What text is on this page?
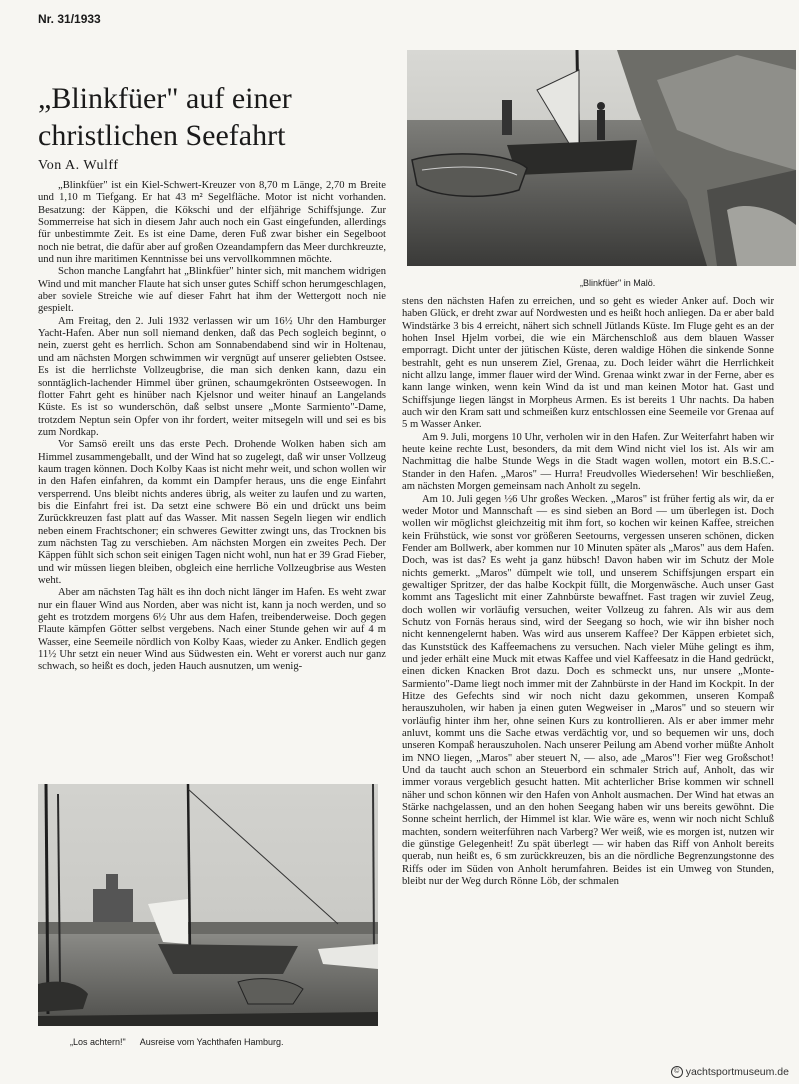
Nr. 31/1933
„Blinkfüer" auf einer christlichen Seefahrt
Von A. Wulff

„Blinkfüer" ist ein Kiel-Schwert-Kreuzer von 8,70 m Länge, 2,70 m Breite und 1,10 m Tiefgang. Er hat 43 m² Segelfläche. Motor ist nicht vorhanden. Besatzung: der Käppen, die Kökschi und der elfjährige Schiffsjunge. Zur Sommerreise hat sich in diesem Jahr auch noch ein Gast eingefunden, allerdings für unbestimmte Zeit. Es ist eine Dame, deren Fuß zwar bisher ein Segelboot noch nie betrat, die dafür aber auf großen Ozeandampfern das Meer durchkreuzte, und nun ihre maritimen Kenntnisse bei uns vervollkommnen möchte.

Schon manche Langfahrt hat „Blinkfüer" hinter sich, mit manchem widrigen Wind und mit mancher Flaute hat sich unser gutes Schiff schon herumgeschlagen, aber soviele Streiche wie auf dieser Fahrt hat ihm der Wettergott noch nie gespielt.

Am Freitag, den 2. Juli 1932 verlassen wir um 16½ Uhr den Hamburger Yacht-Hafen. Aber nun soll niemand denken, daß das Pech sogleich beginnt, o nein, zuerst geht es herrlich. Schon am Sonnabendabend sind wir in Holtenau, und am nächsten Morgen schwimmen wir vergnügt auf unserer geliebten Ostsee. Es ist die herrlichste Vollzeugbrise, die man sich denken kann, dazu ein sonntäglich-lachender Himmel über grünen, schaumgekrönten Ostseewogen. In flotter Fahrt geht es hinüber nach Kjelsnor und weiter hinauf an Langelands Küste. Es ist so wunderschön, daß selbst unsere „Monte Sarmiento"-Dame, trotzdem Neptun sein Opfer von ihr fordert, weiter mitsegeln will und sei es bis zum Nordkap.

Vor Samsö ereilt uns das erste Pech. Drohende Wolken haben sich am Himmel zusammengeballt, und der Wind hat so zugelegt, daß wir unser Vollzeug kaum tragen können. Doch Kolby Kaas ist nicht mehr weit, und schon wollen wir in den Hafen einfahren, da kommt ein Dampfer heraus, uns die enge Einfahrt versperrend. Uns bleibt nichts anderes übrig, als weiter zu laufen und zu warten, bis die Einfahrt frei ist. Da setzt eine schwere Bö ein und drückt uns beim Zurückkreuzen fast platt auf das Wasser. Mit nassen Segeln liegen wir endlich neben einem Frachtschoner; ein schweres Gewitter zwingt uns, das Trocknen bis zum nächsten Tag zu verschieben. Am nächsten Morgen ein zweites Pech. Der Käppen fühlt sich schon seit einigen Tagen nicht wohl, nun hat er 39 Grad Fieber, und wir müssen liegen bleiben, obgleich eine herrliche Vollzeugbrise aus Westen weht.

Aber am nächsten Tag hält es ihn doch nicht länger im Hafen. Es weht zwar nur ein flauer Wind aus Norden, aber was nicht ist, kann ja noch werden, und so geht es trotzdem morgens 6½ Uhr aus dem Hafen, treibenderweise. Doch gegen Flaute kämpfen Götter selbst vergebens. Nach einer Stunde gehen wir auf 4 m Wasser, eine Seemeile nördlich von Kolby Kaas, wieder zu Anker. Endlich gegen 11½ Uhr setzt ein neuer Wind aus Südwesten ein. Weht er vorerst auch nur ganz schwach, so heißt es doch, jeden Hauch ausnutzen, um wenig-

stens den nächsten Hafen zu erreichen, und so geht es wieder Anker auf. Doch wir haben Glück, er dreht zwar auf Nordwesten und es heißt hoch anliegen. Da er aber bald Windstärke 3 bis 4 erreicht, nähert sich schnell Jütlands Küste. Im Fluge geht es an der hohen Insel Hjelm vorbei, die wie ein Märchenschloß aus dem blauen Wasser emporragt. Dicht unter der jütischen Küste, deren waldige Höhen die sinkende Sonne bestrahlt, geht es nun unserem Ziel, Grenaa, zu. Doch leider währt die Herrlichkeit nicht allzu lange, immer flauer wird der Wind. Grenaa winkt zwar in der Ferne, aber es kann lange winken, wenn kein Wind da ist und man keinen Motor hat. Gast und Schiffsjunge liegen längst in Morpheus Armen. Es ist bereits 1 Uhr nachts. Da haben auch wir den Kram satt und schmeißen kurz entschlossen eine Seemeile vor Grenaa auf 5 m Wasser Anker.

Am 9. Juli, morgens 10 Uhr, verholen wir in den Hafen. Zur Weiterfahrt haben wir heute keine rechte Lust, besonders, da mit dem Wind nicht viel los ist. Als wir am Nachmittag die halbe Stunde Wegs in die Stadt wagen wollen, motort ein B.S.C.-Stander in den Hafen. „Maros" — Hurra! Freudvolles Wiedersehen! Wir beschließen, am nächsten Morgen gemeinsam nach Anholt zu segeln.

Am 10. Juli gegen ½6 Uhr großes Wecken. „Maros" ist früher fertig als wir, da er weder Motor und Mannschaft — es sind sieben an Bord — um überlegen ist. Doch wollen wir möglichst gleichzeitig mit ihm fort, so kochen wir keinen Kaffee, streichen kein Frühstück, wie sonst vor größeren Seetourns, vergessen unseren schönen, dicken Fender am Bollwerk, aber kommen nur 10 Minuten später als „Maros" aus dem Hafen. Doch, was ist das? Es weht ja ganz hübsch! Davon haben wir im Schutz der Mole nichts gemerkt. „Maros" dümpelt wie toll, und unserem Schiffsjungen erspart ein gewaltiger Spritzer, der das halbe Kockpit füllt, die Morgenwäsche. Auch unser Gast kommt ans Tageslicht mit einer Zahnbürste bewaffnet. Fast tragen wir zuviel Zeug, doch wollen wir vorläufig versuchen, weiter Vollzeug zu fahren. Als wir aus dem Schutz von Fornäs heraus sind, wird der Seegang so hoch, wie wir ihn bisher noch nicht kennengelernt haben. Was wird aus unserem Kaffee? Der Käppen erbietet sich, das Kunststück des Kaffeemachens zu versuchen. Nach vieler Mühe gelingt es ihm, und jeder erhält eine Muck mit etwas Kaffee und viel Kaffeesatz in die Hand gedrückt, einen dicken Knacken Brot dazu. Doch es schmeckt uns, nur unsere „Monte-Sarmiento"-Dame liegt noch immer mit der Zahnbürste in der Hand im Kockpit. In der Hitze des Gefechts sind wir noch nicht dazu gekommen, unseren Kompaß herauszuholen, wir haben ja einen guten Wegweiser in „Maros" und so steuern wir vorläufig hinter ihm her, ohne seinen Kurs zu kontrollieren. Als er aber immer mehr anluvt, kommt uns die Sache etwas verdächtig vor, und so bequemen wir uns, doch unseren Kompaß herauszuholen. Nach unserer Peilung am Abend vorher müßte Anholt im NNO liegen, „Maros" aber steuert N, — also, ade „Maros"! Fier weg Großschot! Und da taucht auch schon an Steuerbord ein schmaler Strich auf, Anholt, das wir immer voraus vergeblich gesucht hatten. Mit achterlicher Brise kommen wir schnell näher und schon können wir den Hafen von Anholt ausmachen. Der Wind hat etwas an Stärke nachgelassen, und an den hohen Seegang haben wir uns bereits gewöhnt. Die Sonne scheint herrlich, der Himmel ist klar. Wie wäre es, wenn wir noch nicht Schluß machten, sondern weiterführen nach Varberg? Wer weiß, wie es morgen ist, nutzen wir die günstige Gelegenheit! Zu spät überlegt — wir haben das Riff von Anholt bereits querab, nun heißt es, 6 sm zurückkreuzen, bis an die nördliche Begrenzungstonne des Riffs oder im Süden von Anholt herumfahren. Beides ist ein Umweg von Stunden, bleibt nur der Weg durch Rönne Löb, der schmalen

„Blinkfüer" in Malö.
„Los achtern!" Ausreise vom Yachthafen Hamburg.
© yachtsportmuseum.de
